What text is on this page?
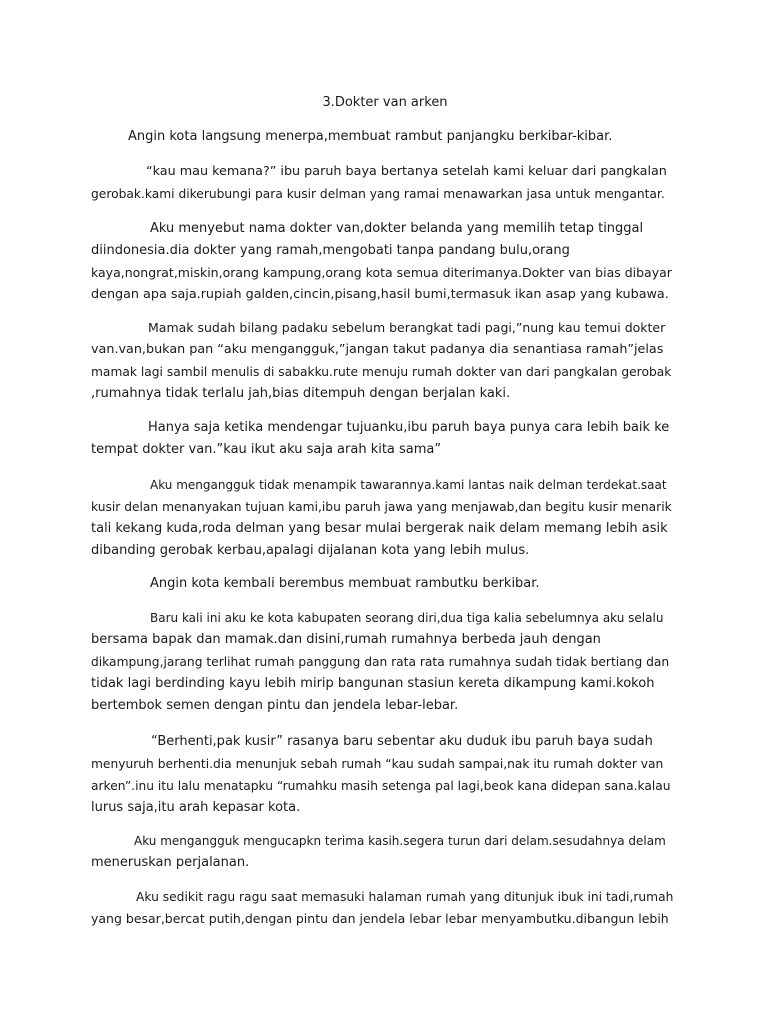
3.Dokter van arken
Angin kota langsung menerpa,membuat rambut panjangku berkibar-kibar.
“kau mau kemana?” ibu paruh baya bertanya setelah kami keluar dari pangkalan
gerobak.kami dikerubungi para kusir delman yang ramai menawarkan jasa untuk mengantar.
Aku menyebut nama dokter van,dokter belanda yang memilih tetap tinggal
diindonesia.dia dokter yang ramah,mengobati tanpa pandang bulu,orang
kaya,nongrat,miskin,orang kampung,orang kota semua diterimanya.Dokter van bias dibayar
dengan apa saja.rupiah galden,cincin,pisang,hasil bumi,termasuk ikan asap yang kubawa.
Mamak sudah bilang padaku sebelum berangkat tadi pagi,”nung kau temui dokter
van.van,bukan pan “aku mengangguk,”jangan takut padanya dia senantiasa ramah”jelas
mamak lagi sambil menulis di sabakku.rute menuju rumah dokter van dari pangkalan gerobak
,rumahnya tidak terlalu jah,bias ditempuh dengan berjalan kaki.
Hanya saja ketika mendengar tujuanku,ibu paruh baya punya cara lebih baik ke
tempat dokter van.”kau ikut aku saja arah kita sama”
Aku mengangguk tidak menampik tawarannya.kami lantas naik delman terdekat.saat
kusir delan menanyakan tujuan kami,ibu paruh jawa yang menjawab,dan begitu kusir menarik
tali kekang kuda,roda delman yang besar mulai bergerak naik delam memang lebih asik
dibanding gerobak kerbau,apalagi dijalanan kota yang lebih mulus.
Angin kota kembali berembus membuat rambutku berkibar.
Baru kali ini aku ke kota kabupaten seorang diri,dua tiga kalia sebelumnya aku selalu
bersama bapak dan mamak.dan disini,rumah rumahnya berbeda jauh dengan
dikampung,jarang terlihat rumah panggung dan rata rata rumahnya sudah tidak bertiang dan
tidak lagi berdinding kayu lebih mirip bangunan stasiun kereta dikampung kami.kokoh
bertembok semen dengan pintu dan jendela lebar-lebar.
“Berhenti,pak kusir” rasanya baru sebentar aku duduk ibu paruh baya sudah
menyuruh berhenti.dia menunjuk sebah rumah “kau sudah sampai,nak itu rumah dokter van
arken”.inu itu lalu menatapku “rumahku masih setenga pal lagi,beok kana didepan sana.kalau
lurus saja,itu arah kepasar kota.
Aku mengangguk mengucapkn terima kasih.segera turun dari delam.sesudahnya delam
meneruskan perjalanan.
Aku sedikit ragu ragu saat memasuki halaman rumah yang ditunjuk ibuk ini tadi,rumah
yang besar,bercat putih,dengan pintu dan jendela lebar lebar menyambutku.dibangun lebih
